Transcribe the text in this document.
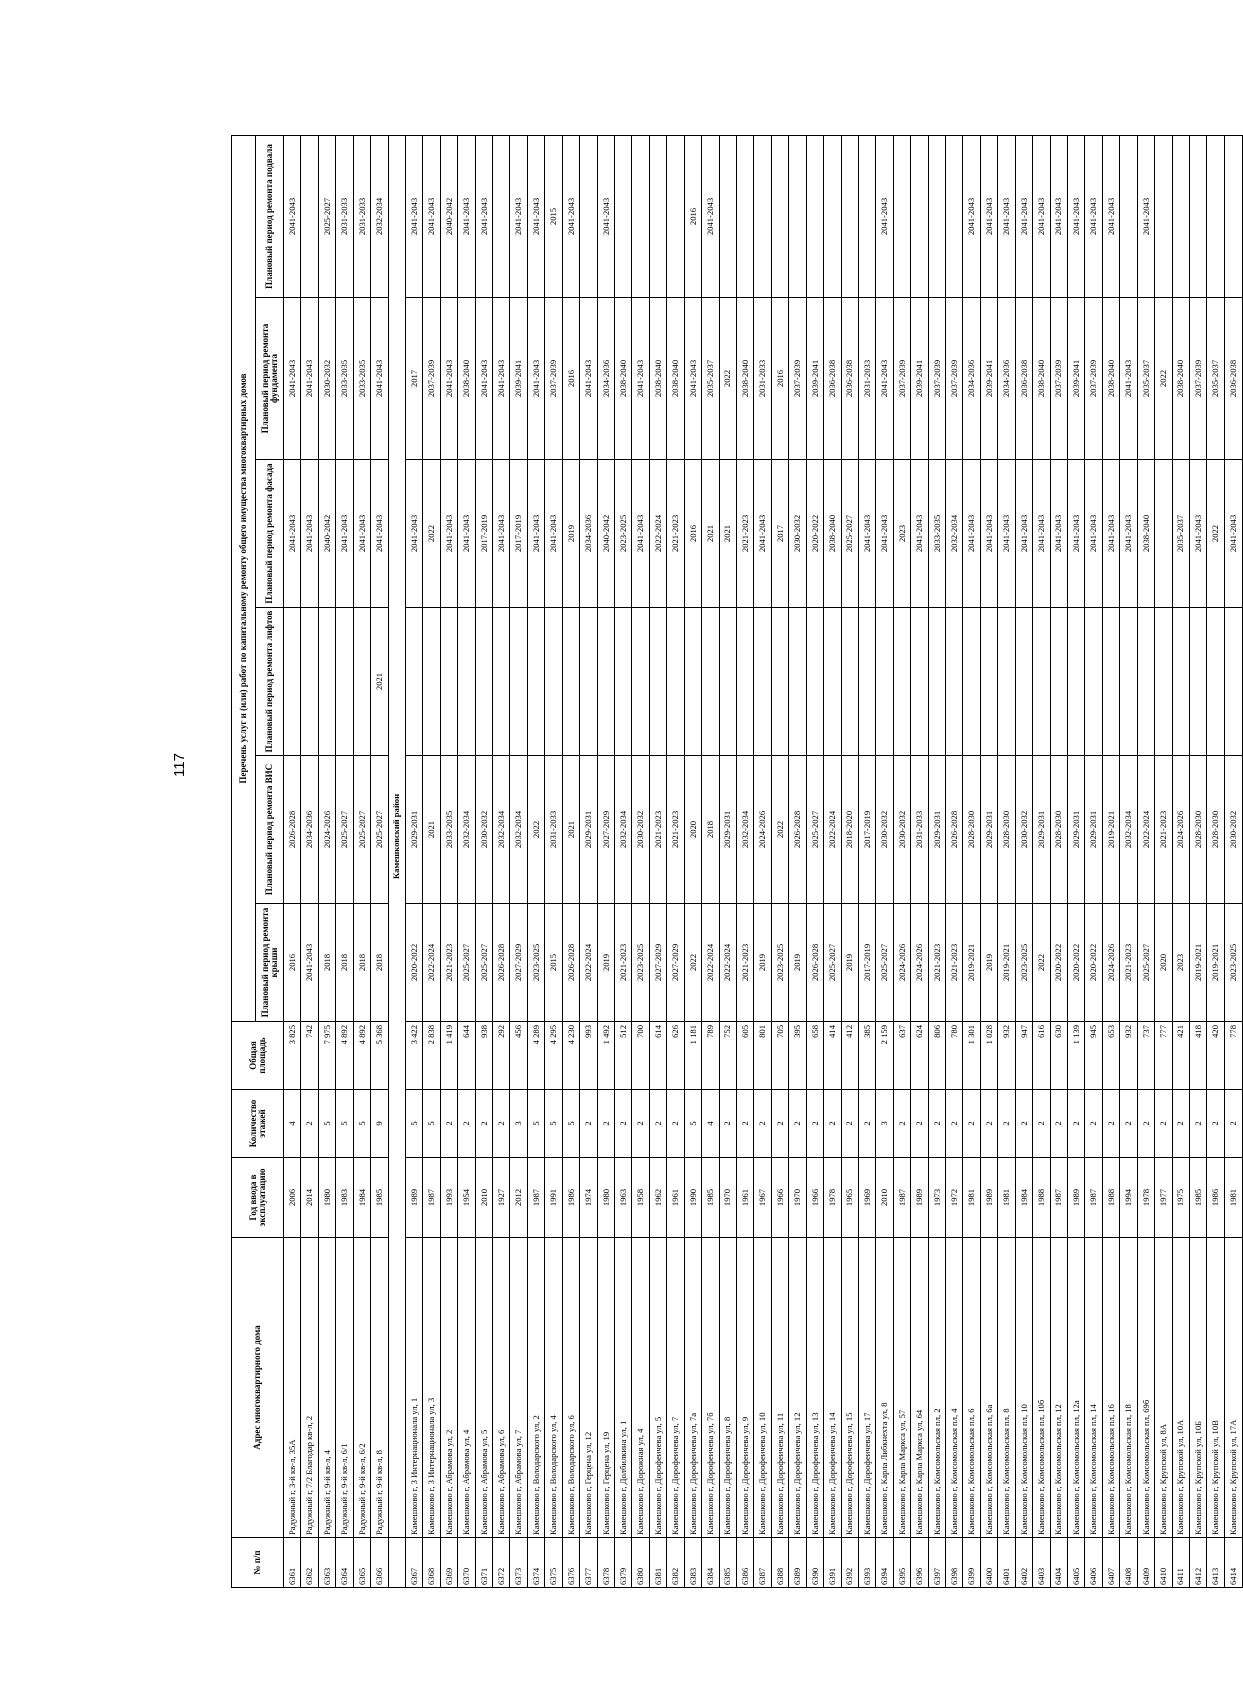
117
№ п/п	Адрес многоквартирного дома	Год ввода в эксплуатацию	Количество этажей	Общая площадь	Перечень услуг и (или) работ по капитальному ремонту общего имущества многоквартирных домов					
					Плановый период ремонта крыши	Плановый период ремонта ВИС	Плановый период ремонта лифтов	Плановый период ремонта фасада	Плановый период ремонта фундамента	Плановый период ремонта подвала
6361	Радужный г, 3-й кв-л, 35А	2006	4	3 825	2016	2026-2028		2041-2043	2041-2043	2041-2043
6362	Радужный г, 7/2 Благодар кв-л, 2	2014	2	742	2041-2043	2034-2036		2041-2043	2041-2043	
6363	Радужный г, 9-й кв-л, 4	1980	5	7 975	2018	2024-2026		2040-2042	2030-2032	2025-2027
6364	Радужный г, 9-й кв-л, 6/1	1983	5	4 892	2018	2025-2027		2041-2043	2033-2035	2031-2033
6365	Радужный г, 9-й кв-л, 6/2	1984	5	4 892	2018	2025-2027		2041-2043	2033-2035	2031-2033
6366	Радужный г, 9-й кв-л, 8	1985	9	5 368	2018	2025-2027	2021	2041-2043	2041-2043	2032-2034
	Камешковский район									
6367	Камешково г, 3 Интернационала ул, 1	1989	5	3 422	2020-2022	2029-2031		2041-2043	2017	2041-2043
6368	Камешково г, 3 Интернационала ул, 3	1987	5	2 838	2022-2024	2021		2022	2037-2039	2041-2043
6369	Камешково г, Абрамова ул, 2	1993	2	1 419	2021-2023	2033-2035		2041-2043	2041-2043	2040-2042
6370	Камешково г, Абрамова ул, 4	1954	2	644	2025-2027	2032-2034		2041-2043	2038-2040	2041-2043
6371	Камешково г, Абрамова ул, 5	2010	2	938	2025-2027	2030-2032		2017-2019	2041-2043	2041-2043
6372	Камешково г, Абрамова ул, 6	1927	2	292	2026-2028	2032-2034		2041-2043	2041-2043	
6373	Камешково г, Абрамова ул, 7	2012	3	456	2027-2029	2032-2034		2017-2019	2039-2041	2041-2043
6374	Камешково г, Володарского ул, 2	1987	5	4 289	2023-2025	2022		2041-2043	2041-2043	2041-2043
6375	Камешково г, Володарского ул, 4	1991	5	4 295	2015	2031-2033		2041-2043	2037-2039	2015
6376	Камешково г, Володарского ул, 6	1986	5	4 230	2026-2028	2021		2019	2016	2041-2043
6377	Камешково г, Герцена ул, 12	1974	2	993	2022-2024	2029-2031		2034-2036	2041-2043	
6378	Камешково г, Герцена ул, 19	1980	2	1 492	2019	2027-2029		2040-2042	2034-2036	2041-2043
6379	Камешково г, Долбилкина ул, 1	1963	2	512	2021-2023	2032-2034		2023-2025	2038-2040	
6380	Камешково г, Дорожная ул, 4	1958	2	700	2023-2025	2030-2032		2041-2043	2041-2043	
6381	Камешково г, Дорофеичева ул, 5	1962	2	614	2027-2029	2021-2023		2022-2024	2038-2040	
6382	Камешково г, Дорофеичева ул, 7	1961	2	626	2027-2029	2021-2023		2021-2023	2038-2040	
6383	Камешково г, Дорофеичева ул, 7а	1990	5	1 181	2022	2020		2016	2041-2043	2016
6384	Камешково г, Дорофеичева ул, 7б	1985	4	789	2022-2024	2018		2021	2035-2037	2041-2043
6385	Камешково г, Дорофеичева ул, 8	1970	2	752	2022-2024	2029-2031		2021	2022	
6386	Камешково г, Дорофеичева ул, 9	1961	2	605	2021-2023	2032-2034		2021-2023	2038-2040	
6387	Камешково г, Дорофеичева ул, 10	1967	2	801	2019	2024-2026		2041-2043	2031-2033	
6388	Камешково г, Дорофеичева ул, 11	1966	2	705	2023-2025	2022		2017	2016	
6389	Камешково г, Дорофеичева ул, 12	1970	2	395	2019	2026-2028		2030-2032	2037-2039	
6390	Камешково г, Дорофеичева ул, 13	1966	2	658	2026-2028	2025-2027		2020-2022	2039-2041	
6391	Камешково г, Дорофеичева ул, 14	1978	2	414	2025-2027	2022-2024		2038-2040	2036-2038	
6392	Камешково г, Дорофеичева ул, 15	1965	2	412	2019	2018-2020		2025-2027	2036-2038	
6393	Камешково г, Дорофеичева ул, 17	1969	2	385	2017-2019	2017-2019		2041-2043	2031-2033	
6394	Камешково г, Карла Либкнехта ул, 8	2010	3	2 159	2025-2027	2030-2032		2041-2043	2041-2043	2041-2043
6395	Камешково г, Карла Маркса ул, 57	1987	2	637	2024-2026	2030-2032		2023	2037-2039	
6396	Камешково г, Карла Маркса ул, 64	1989	2	624	2024-2026	2031-2033		2041-2043	2039-2041	
6397	Камешково г, Комсомольская пл, 2	1973	2	806	2021-2023	2029-2031		2033-2035	2037-2039	
6398	Камешково г, Комсомольская пл, 4	1972	2	780	2021-2023	2026-2028		2032-2034	2037-2039	
6399	Камешково г, Комсомольская пл, 6	1981	2	1 301	2019-2021	2028-2030		2041-2043	2034-2036	2041-2043
6400	Камешково г, Комсомольская пл, 6а	1989	2	1 028	2019	2029-2031		2041-2043	2039-2041	2041-2043
6401	Камешково г, Комсомольская пл, 8	1981	2	932	2019-2021	2028-2030		2041-2043	2034-2036	2041-2043
6402	Камешково г, Комсомольская пл, 10	1984	2	947	2023-2025	2030-2032		2041-2043	2036-2038	2041-2043
6403	Камешково г, Комсомольская пл, 10б	1988	2	616	2022	2029-2031		2041-2043	2038-2040	2041-2043
6404	Камешково г, Комсомольская пл, 12	1987	2	630	2020-2022	2028-2030		2041-2043	2037-2039	2041-2043
6405	Камешково г, Комсомольская пл, 12а	1989	2	1 139	2020-2022	2029-2031		2041-2043	2039-2041	2041-2043
6406	Камешково г, Комсомольская пл, 14	1987	2	945	2020-2022	2029-2031		2041-2043	2037-2039	2041-2043
6407	Камешково г, Комсомольская пл, 16	1988	2	653	2024-2026	2019-2021		2041-2043	2038-2040	2041-2043
6408	Камешково г, Комсомольская пл, 18	1994	2	932	2021-2023	2032-2034		2041-2043	2041-2043	
6409	Камешково г, Комсомольская пл, 69б	1978	2	737	2025-2027	2022-2024		2038-2040	2035-2037	2041-2043
6410	Камешково г, Крупской ул, 8А	1977	2	777	2020	2021-2023			2022	
6411	Камешково г, Крупской ул, 10А	1975	2	421	2023	2024-2026		2035-2037	2038-2040	
6412	Камешково г, Крупской ул, 10Б	1985	2	418	2019-2021	2028-2030		2041-2043	2037-2039	
6413	Камешково г, Крупской ул, 10В	1986	2	420	2019-2021	2028-2030		2022	2035-2037	
6414	Камешково г, Крупской ул, 17А	1981	2	778	2023-2025	2030-2032		2041-2043	2036-2038	
